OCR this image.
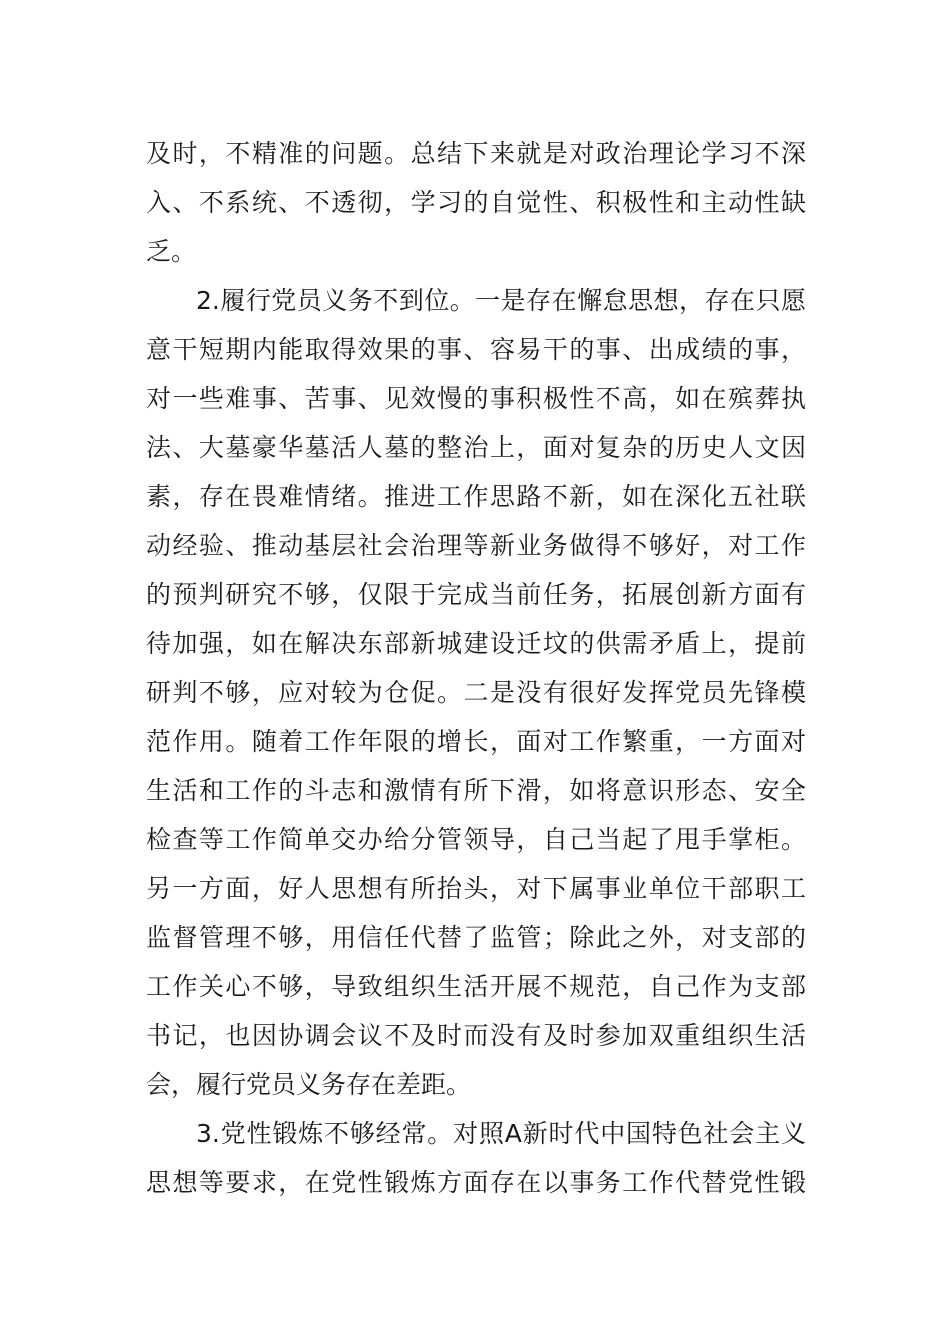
及时，不精准的问题。总结下来就是对政治理论学习不深
入、不系统、不透彻，学习的自觉性、积极性和主动性缺
乏。
2.履行党员义务不到位。一是存在懈怠思想，存在只愿
意干短期内能取得效果的事、容易干的事、出成绩的事，
对一些难事、苦事、见效慢的事积极性不高，如在殡葬执
法、大墓豪华墓活人墓的整治上，面对复杂的历史人文因
素，存在畏难情绪。推进工作思路不新，如在深化五社联
动经验、推动基层社会治理等新业务做得不够好，对工作
的预判研究不够，仅限于完成当前任务，拓展创新方面有
待加强，如在解决东部新城建设迁坟的供需矛盾上，提前
研判不够，应对较为仓促。二是没有很好发挥党员先锋模
范作用。随着工作年限的增长，面对工作繁重，一方面对
生活和工作的斗志和激情有所下滑，如将意识形态、安全
检查等工作简单交办给分管领导，自己当起了甩手掌柜。
另一方面，好人思想有所抬头，对下属事业单位干部职工
监督管理不够，用信任代替了监管；除此之外，对支部的
工作关心不够，导致组织生活开展不规范，自己作为支部
书记，也因协调会议不及时而没有及时参加双重组织生活
会，履行党员义务存在差距。
3.党性锻炼不够经常。对照A新时代中国特色社会主义
思想等要求，在党性锻炼方面存在以事务工作代替党性锻
